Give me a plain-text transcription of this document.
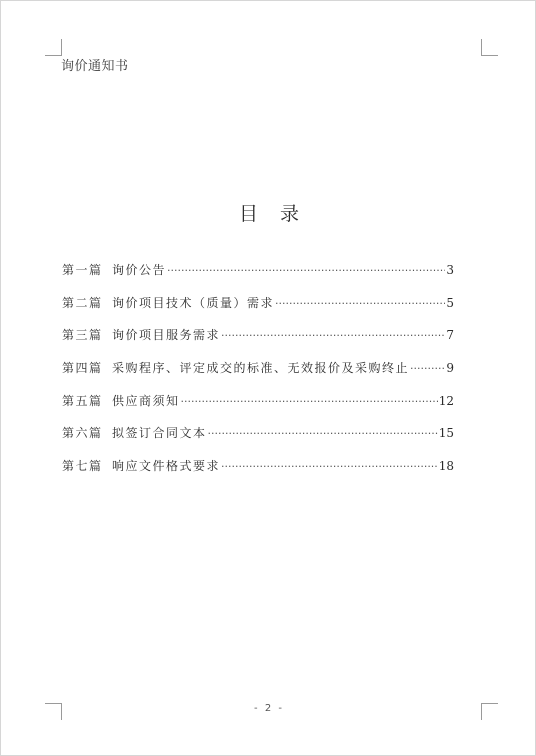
询价通知书
目录
第一篇 询价公告 ·····	3
第二篇 询价项目技术（质量）需求 ·····	5
第三篇 询价项目服务需求 ·····	7
第四篇 采购程序、评定成交的标准、无效报价及采购终止 ·····	9
第五篇 供应商须知 ·····	12
第六篇 拟签订合同文本 ·····	15
第七篇 响应文件格式要求 ·····	18
- 2 -
